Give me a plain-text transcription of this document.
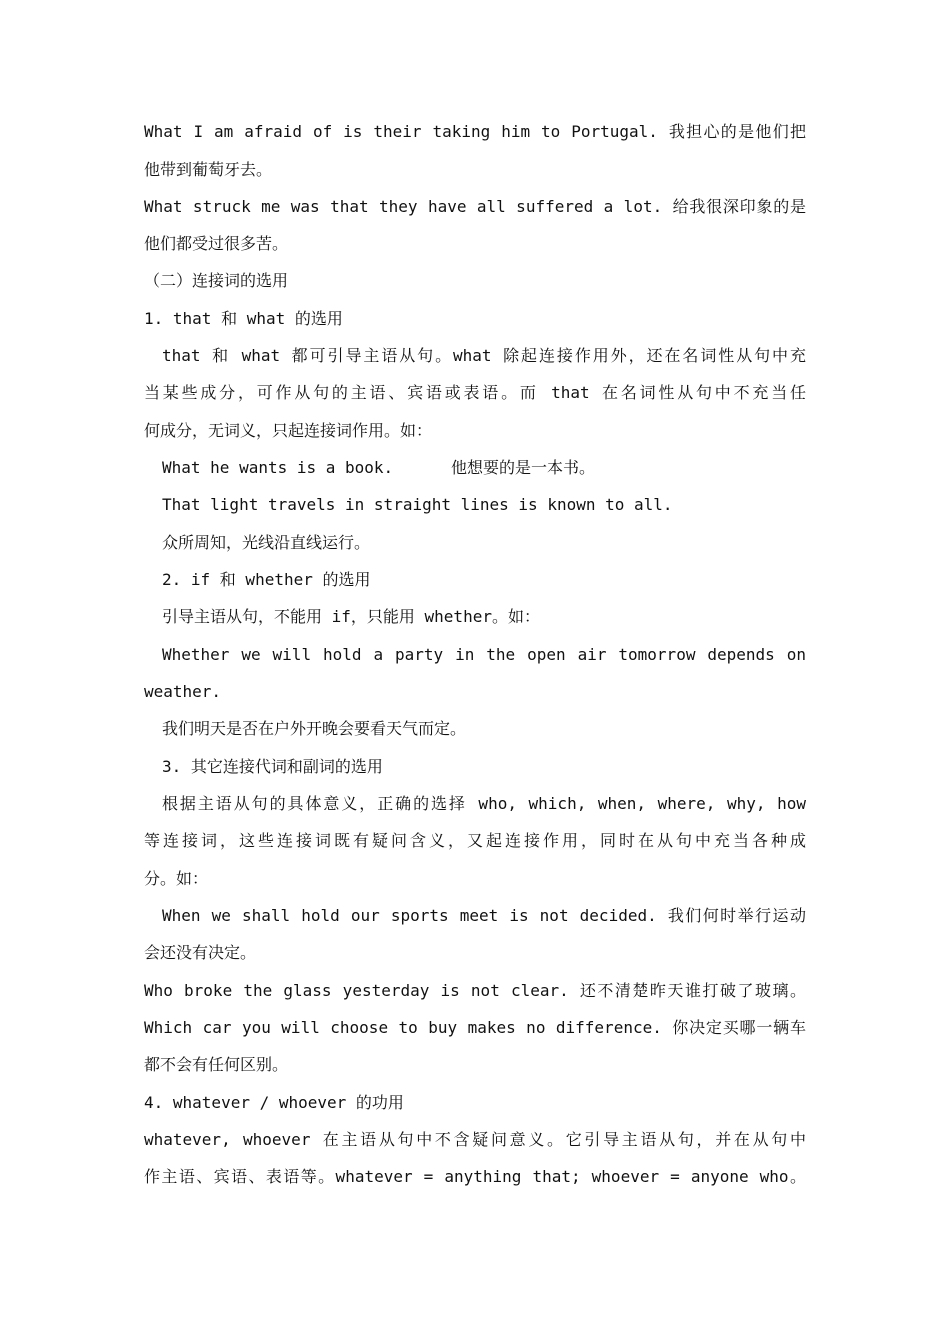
What I am afraid of is their taking him to Portugal. 我担心的是他们把
他带到葡萄牙去。
What struck me was that they have all suffered a lot. 给我很深印象的是
他们都受过很多苦。
（二）连接词的选用
1. that 和 what 的选用
that 和 what 都可引导主语从句。what 除起连接作用外，还在名词性从句中充
当某些成分，可作从句的主语、宾语或表语。而 that 在名词性从句中不充当任
何成分，无词义，只起连接词作用。如：
What he wants is a book.      他想要的是一本书。
That light travels in straight lines is known to all.
众所周知，光线沿直线运行。
2. if 和 whether 的选用
引导主语从句，不能用 if，只能用 whether。如：
Whether we will hold a party in the open air tomorrow depends on
weather.
我们明天是否在户外开晚会要看天气而定。
3. 其它连接代词和副词的选用
根据主语从句的具体意义，正确的选择 who, which, when, where, why, how
等连接词，这些连接词既有疑问含义，又起连接作用，同时在从句中充当各种成
分。如：
When we shall hold our sports meet is not decided. 我们何时举行运动
会还没有决定。
Who broke the glass yesterday is not clear. 还不清楚昨天谁打破了玻璃。
Which car you will choose to buy makes no difference. 你决定买哪一辆车
都不会有任何区别。
4. whatever / whoever 的功用
whatever, whoever 在主语从句中不含疑问意义。它引导主语从句，并在从句中
作主语、宾语、表语等。whatever = anything that; whoever = anyone who。
